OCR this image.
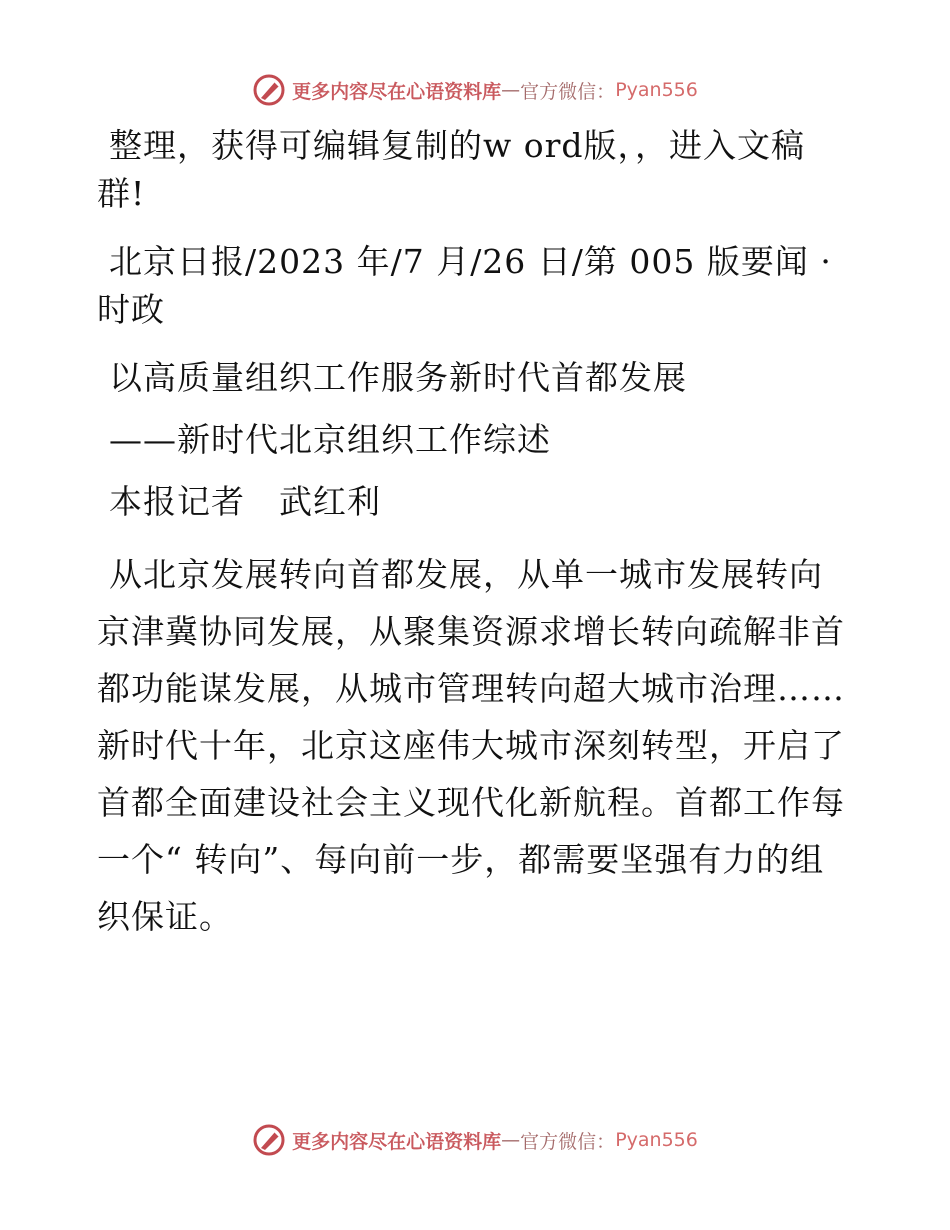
更多内容尽在心语资料库 — 官方微信： Pyan556

整理，获得可编辑复制的w ord版，，进入文稿群!

北京日报/2023 年/7 月/26 日/第 005 版要闻 · 时政

以高质量组织工作服务新时代首都发展

——新时代北京组织工作综述

本报记者　武红利

从北京发展转向首都发展，从单一城市发展转向京津冀协同发展，从聚集资源求增长转向疏解非首都功能谋发展，从城市管理转向超大城市治理……新时代十年，北京这座伟大城市深刻转型，开启了首都全面建设社会主义现代化新航程。首都工作每一个“ 转向”、每向前一步，都需要坚强有力的组织保证。

更多内容尽在心语资料库 — 官方微信： Pyan556
